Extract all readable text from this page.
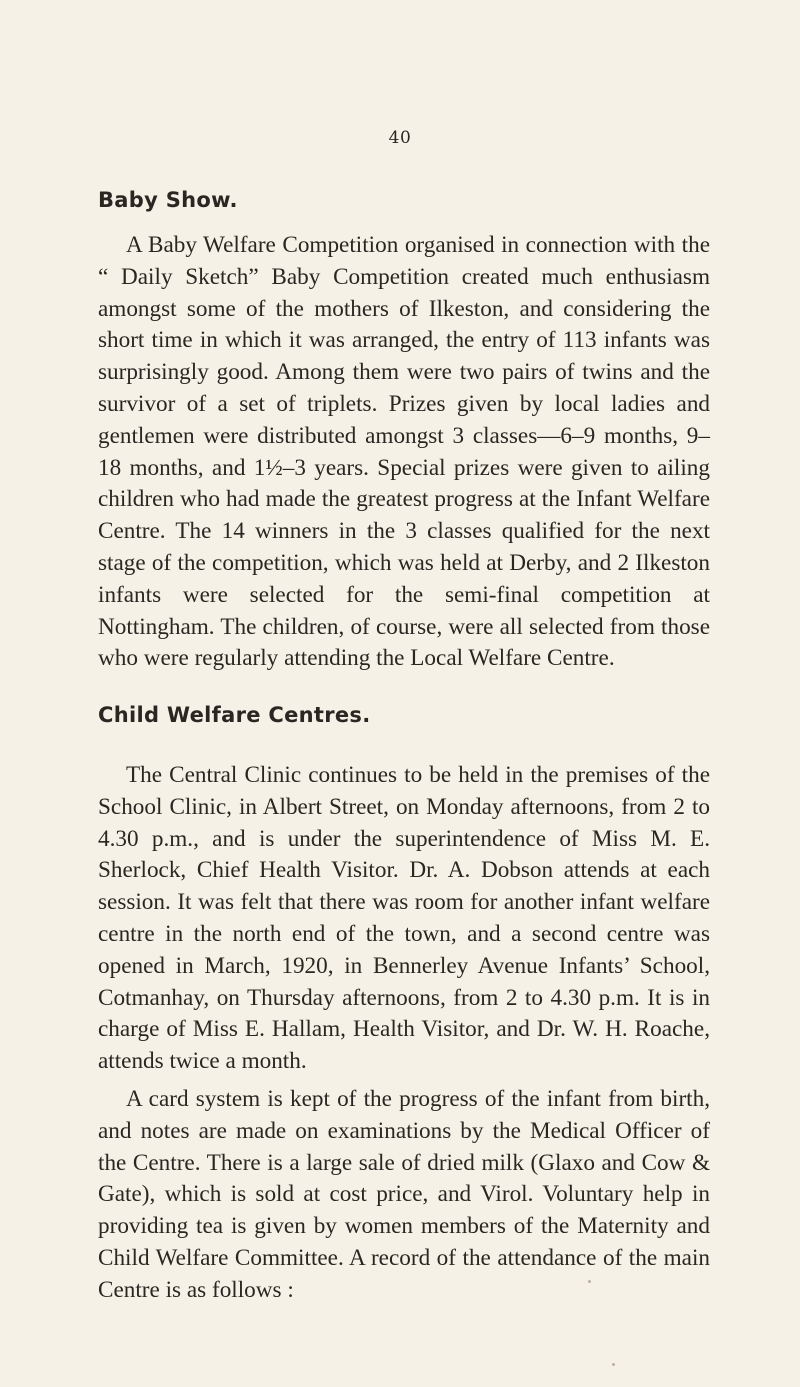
40
Baby Show.

A Baby Welfare Competition organised in connection with the “ Daily Sketch” Baby Competition created much enthusiasm amongst some of the mothers of Ilkeston, and considering the short time in which it was arranged, the entry of 113 infants was surprisingly good. Among them were two pairs of twins and the survivor of a set of triplets. Prizes given by local ladies and gentlemen were distributed amongst 3 classes—6–9 months, 9–18 months, and 1½–3 years. Special prizes were given to ailing children who had made the greatest progress at the Infant Welfare Centre. The 14 winners in the 3 classes qualified for the next stage of the competition, which was held at Derby, and 2 Ilkeston infants were selected for the semi-final competition at Nottingham. The children, of course, were all selected from those who were regularly attending the Local Welfare Centre.

Child Welfare Centres.

The Central Clinic continues to be held in the premises of the School Clinic, in Albert Street, on Monday afternoons, from 2 to 4.30 p.m., and is under the superintendence of Miss M. E. Sherlock, Chief Health Visitor. Dr. A. Dobson attends at each session. It was felt that there was room for another infant welfare centre in the north end of the town, and a second centre was opened in March, 1920, in Bennerley Avenue Infants’ School, Cotmanhay, on Thursday afternoons, from 2 to 4.30 p.m. It is in charge of Miss E. Hallam, Health Visitor, and Dr. W. H. Roache, attends twice a month.

A card system is kept of the progress of the infant from birth, and notes are made on examinations by the Medical Officer of the Centre. There is a large sale of dried milk (Glaxo and Cow & Gate), which is sold at cost price, and Virol. Voluntary help in providing tea is given by women members of the Maternity and Child Welfare Committee. A record of the attendance of the main Centre is as follows :
